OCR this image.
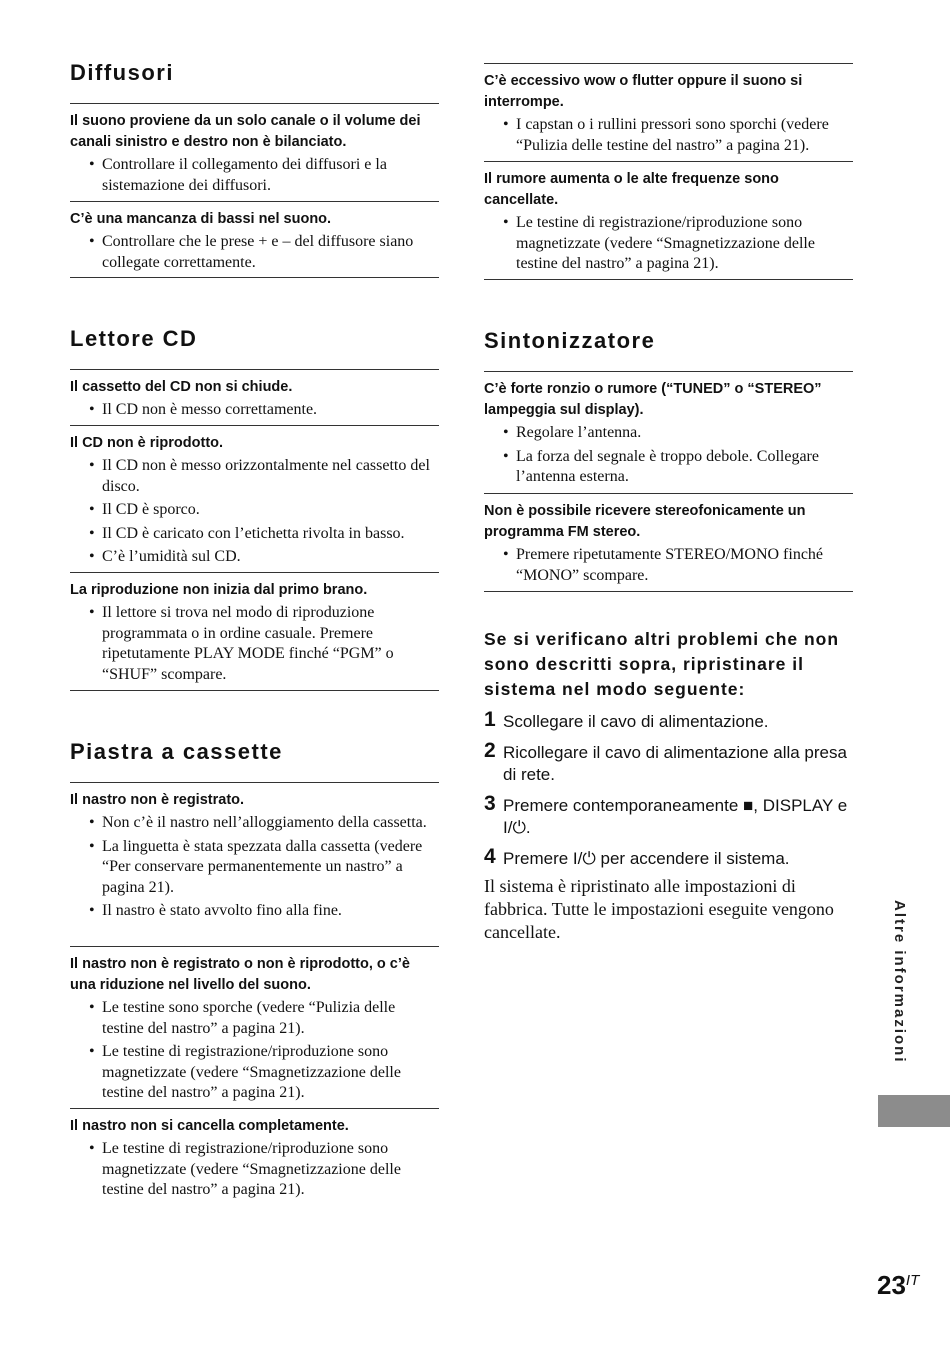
Diffusori

Il suono proviene da un solo canale o il volume dei canali sinistro e destro non è bilanciato.

• Controllare il collegamento dei diffusori e la sistemazione dei diffusori.

C’è una mancanza di bassi nel suono.

• Controllare che le prese + e – del diffusore siano collegate correttamente.
Lettore CD

Il cassetto del CD non si chiude.

• Il CD non è messo correttamente.

Il CD non è riprodotto.

• Il CD non è messo orizzontalmente nel cassetto del disco.
• Il CD è sporco.
• Il CD è caricato con l’etichetta rivolta in basso.
• C’è l’umidità sul CD.

La riproduzione non inizia dal primo brano.

• Il lettore si trova nel modo di riproduzione programmata o in ordine casuale. Premere ripetutamente PLAY MODE finché “PGM” o “SHUF” scompare.
Piastra a cassette

Il nastro non è registrato.

• Non c’è il nastro nell’alloggiamento della cassetta.
• La linguetta è stata spezzata dalla cassetta (vedere “Per conservare permanentemente un nastro” a pagina 21).
• Il nastro è stato avvolto fino alla fine.

Il nastro non è registrato o non è riprodotto, o c’è una riduzione nel livello del suono.

• Le testine sono sporche (vedere “Pulizia delle testine del nastro” a pagina 21).
• Le testine di registrazione/riproduzione sono magnetizzate (vedere “Smagnetizzazione delle testine del nastro” a pagina 21).

Il nastro non si cancella completamente.

• Le testine di registrazione/riproduzione sono magnetizzate (vedere “Smagnetizzazione delle testine del nastro” a pagina 21).

C’è eccessivo wow o flutter oppure il suono si interrompe.

• I capstan o i rullini pressori sono sporchi (vedere “Pulizia delle testine del nastro” a pagina 21).

Il rumore aumenta o le alte frequenze sono cancellate.

• Le testine di registrazione/riproduzione sono magnetizzate (vedere “Smagnetizzazione delle testine del nastro” a pagina 21).
Sintonizzatore

C’è forte ronzio o rumore (“TUNED” o “STEREO” lampeggia sul display).

• Regolare l’antenna.
• La forza del segnale è troppo debole. Collegare l’antenna esterna.

Non è possibile ricevere stereofonicamente un programma FM stereo.

• Premere ripetutamente STEREO/MONO finché “MONO” scompare.

Se si verificano altri problemi che non sono descritti sopra, ripristinare il sistema nel modo seguente:

1 Scollegare il cavo di alimentazione.
2 Ricollegare il cavo di alimentazione alla presa di rete.
3 Premere contemporaneamente ■, DISPLAY e I/⏻.
4 Premere I/⏻ per accendere il sistema.

Il sistema è ripristinato alle impostazioni di fabbrica. Tutte le impostazioni eseguite vengono cancellate.	Altre informazioni
$23^{IT}$
